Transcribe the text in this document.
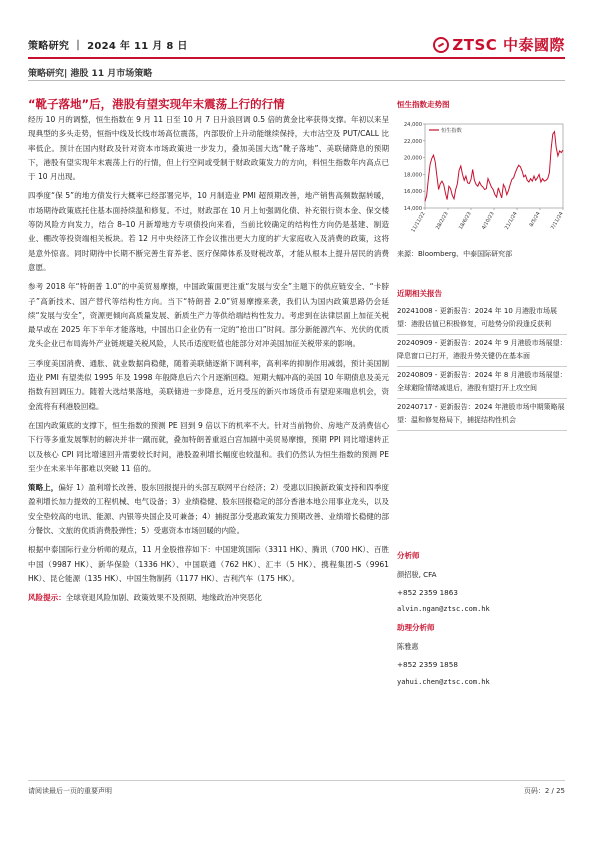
策略研究 ｜ 2024 年 11 月 8 日	ZTSC 中泰國際
策略研究| 港股 11 月市场策略
“靴子落地”后，港股有望实现年末震荡上行的行情

经历 10 月的调整，恒生指数在 9 月 11 日至 10 月 7 日升浪回调 0.5 倍的黄金比率获得支撑。年初以来呈现典型的多头走势，恒指中线及长线市场高位震荡，内部股价上升动能继续保持，大市沽空及 PUT/CALL 比率低企。预计在国内财政及针对资本市场政策进一步发力，叠加美国大选“靴子落地”、美联储降息的预期下，港股有望实现年末震荡上行的行情，但上行空间或受制于财政政策发力的方向，料恒生指数年内高点已于 10 月出现。

四季度“保 5”的地方债发行大概率已经部署完毕，10 月制造业 PMI 超预期改善，地产销售高频数据转暖，市场期待政策底托住基本面持续温和修复。不过，财政部在 10 月上旬强调化债、补充银行资本金、保交楼等防风险方向发力，结合 8–10 月新增地方专项债投向来看，当前比较确定的结构性方向仍是基建、制造业、棚改等投资端相关板块。若 12 月中央经济工作会议推出更大力度的扩大家庭收入及消费的政策，这将是意外惊喜。同时期待中长期不断完善生育养老、医疗保障体系及财税改革，才能从根本上提升居民的消费意愿。

参考 2018 年“特朗普 1.0”的中美贸易摩擦，中国政策面更注重“发展与安全”主题下的供应链安全、“卡脖子”高新技术、国产替代等结构性方向。当下“特朗普 2.0”贸易摩擦来袭，我们认为国内政策思路仍会延续“发展与安全”，资源更倾向高质量发展、新质生产力等供给端结构性发力。考虑到在法律层面上加征关税最早或在 2025 年下半年才能落地，中国出口企业仍有一定的“抢出口”时间。部分新能源汽车、光伏的优质龙头企业已布局海外产业链规避关税风险，人民币适度贬值也能部分对冲美国加征关税带来的影响。

三季度美国消费、通胀、就业数据尚稳健，随着美联储逐渐下调利率，高利率的抑制作用减弱，预计美国制造业 PMI 有望类似 1995 年及 1998 年般降息后六个月逐渐回稳。短期大幅冲高的美国 10 年期债息及美元指数有回调压力。随着大选结果落地，美联储进一步降息，近月受压的新兴市场货币有望迎来喘息机会，资金流将有利港股回稳。

在国内政策底的支撑下，恒生指数的预测 PE 回到 9 倍以下的机率不大。针对当前物价、房地产及消费信心下行等多重发展掣肘的解决并非一蹴而就，叠加特朗普重返白宫加剧中美贸易摩擦，预期 PPI 同比增速转正以及核心 CPI 同比增速回升需要较长时间，港股盈利增长幅度也较温和。我们仍然认为恒生指数的预测 PE 至少在未来半年都难以突破 11 倍的。

策略上，偏好 1）盈利增长改善、股东回报提升的头部互联网平台经济；2）受惠以旧换新政策支持和四季度盈利增长加力提效的工程机械、电气设备；3）业绩稳健、股东回报稳定的部分香港本地公用事业龙头，以及安全垫较高的电讯、能源、内银等央国企及可兼备；4）捕捉部分受惠政策发力预期改善、业绩增长稳健的部分餐饮、文旅的优质消费股弹性；5）受惠资本市场回暖的内险。

根据中泰国际行业分析师的观点，11 月金股推荐如下：中国建筑国际（3311 HK）、腾讯（700 HK）、百胜中国（9987 HK）、新华保险（1336 HK）、中国联通（762 HK）、汇丰（5 HK）、携程集团-S（9961 HK）、昆仑能源（135 HK）、中国生物制药（1177 HK）、吉利汽车（175 HK）。

风险提示：全球衰退风险加剧、政策效果不及预期、地缘政治冲突恶化

恒生指数走势图
14,000
16,000
18,000
20,000
22,000
24,000
11/11/22 28/2/23 18/6/23 4/10/23 21/1/24 8/5/24 7/11/24
恒生指数
来源：Bloomberg、中泰国际研究部
近期相关报告
20241008 - 更新报告：2024 年 10 月港股市场展望：港股估值已积极修复，可趁势分阶段逢反获利
20240909 - 更新报告：2024 年 9 月港股市场展望：降息窗口已打开，港股升势关键仍在基本面
20240809 - 更新报告：2024 年 8 月港股市场展望：全球避险情绪减退后，港股有望打开上攻空间
20240717 - 更新报告：2024 年港股市场中期策略展望：温和修复格局下，捕捉结构性机会
分析师
颜招骏, CFA
+852 2359 1863
alvin.ngan@ztsc.com.hk
助理分析师
陈雅惠
+852 2359 1858
yahui.chen@ztsc.com.hk
请阅读最后一页的重要声明	页码：2 / 25
